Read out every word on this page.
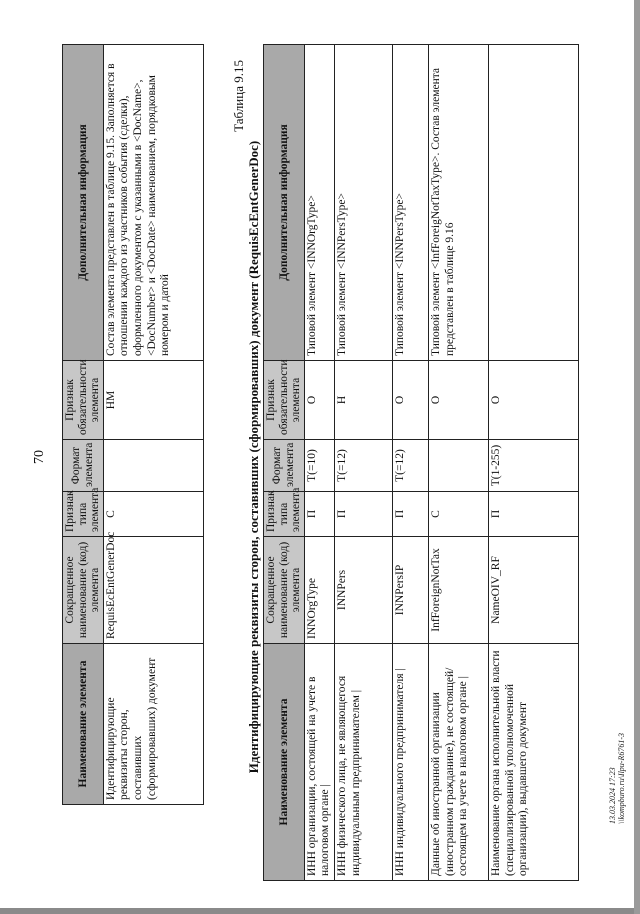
70
Наименование элемента	Сокращенное наименование (код) элемента	Признак типа элемента	Формат элемента	Признак обязательности элемента	Дополнительная информация
Идентифицирующие реквизиты сторон, составивших (сформировавших) документ	RequisEcEntGenerDoc	С		НМ	Состав элемента представлен в таблице 9.15. Заполняется в отношении каждого из участников события (сделки), оформленного документом с указанными в <DocName>, <DocNumber> и <DocDate> наименованием, порядковым номером и датой
Таблица 9.15
Идентифицирующие реквизиты сторон, составивших (сформировавших) документ (RequisEcEntGenerDoc) Наименование элемента	Сокращенное наименование (код) элемента	Признак типа элемента	Формат элемента	Признак обязательности элемента	Дополнительная информация
ИНН организации, состоящей на учете в налоговом органе |	INNOrgType	П	T(=10)	О	Типовой элемент <INNOrgType>
ИНН физического лица, не являющегося индивидуальным предпринимателем |	INNPers	П	T(=12)	Н	Типовой элемент <INNPersType>
ИНН индивидуального предпринимателя |	INNPersIP	П	T(=12)	О	Типовой элемент <INNPersType>
Данные об иностранной организации (иностранном гражданине), не состоящей/состоящем на учете в налоговом органе |	InfForeignNotTax	С		О	Типовой элемент <InfForeigNotTaxType>. Состав элемента представлен в таблице 9.16
Наименование органа исполнительной власти (специализированной уполномоченной организации), выдавшего документ	NameOIV_RF	П	T(1-255)	О	
13.03.2024 17:23 \\kompburo.ru\Ilpu-R6761-3
